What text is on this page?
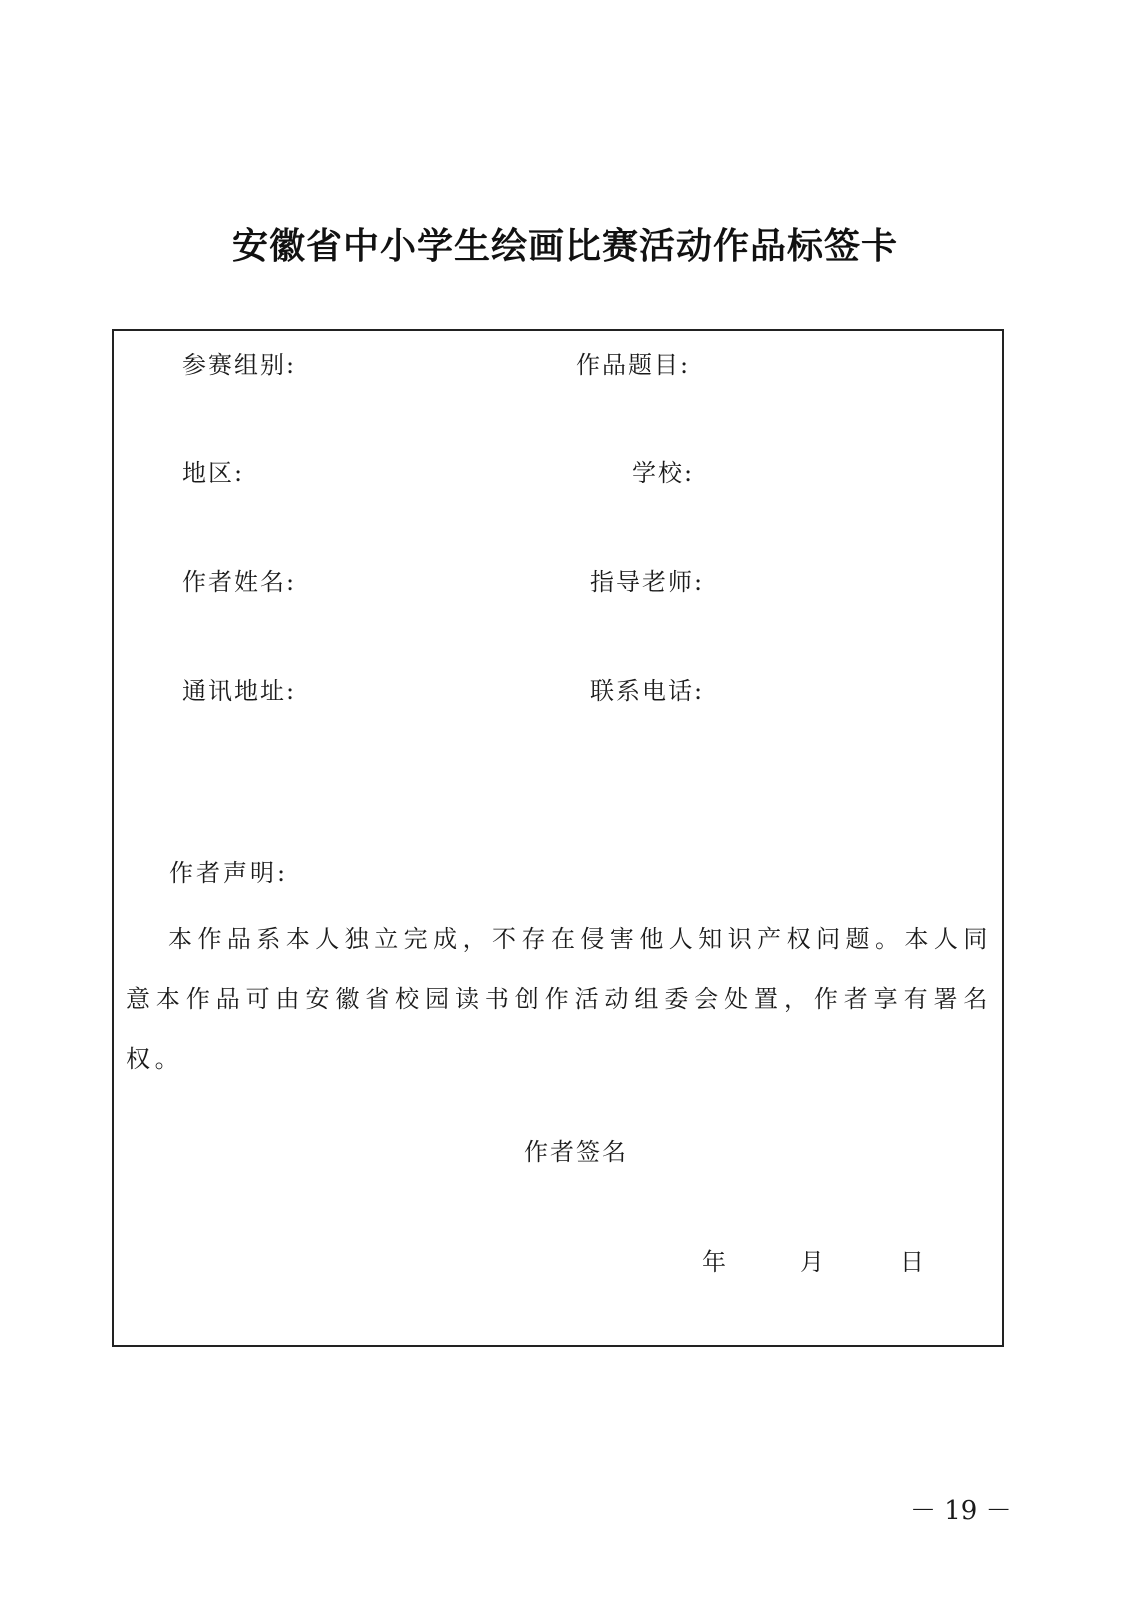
安徽省中小学生绘画比赛活动作品标签卡
参赛组别:	作品题目:
地区:	学校:
作者姓名:	指导老师:
通讯地址:	联系电话:
作者声明:

本作品系本人独立完成，不存在侵害他人知识产权问题。本人同意本作品可由安徽省校园读书创作活动组委会处置，作者享有署名权。

作者签名
年	月	日
－ 19 －
